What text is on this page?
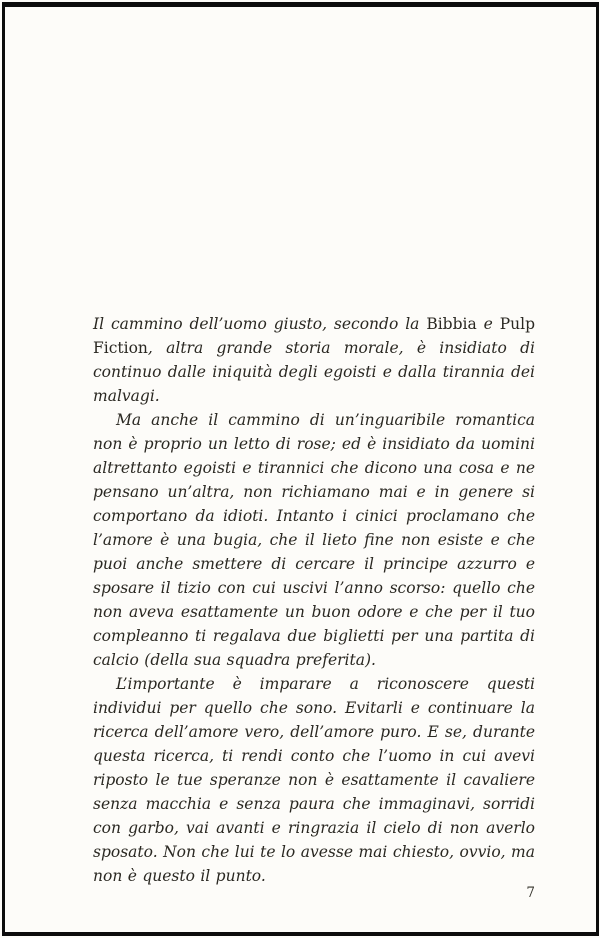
Il cammino dell’uomo giusto, secondo la Bibbia e Pulp Fiction, altra grande storia morale, è insidiato di continuo dalle iniquità degli egoisti e dalla tirannia dei malvagi.

Ma anche il cammino di un’inguaribile romantica non è proprio un letto di rose; ed è insidiato da uomini altrettanto egoisti e tirannici che dicono una cosa e ne pensano un’altra, non richiamano mai e in genere si comportano da idioti. Intanto i cinici proclamano che l’amore è una bugia, che il lieto fine non esiste e che puoi anche smettere di cercare il principe azzurro e sposare il tizio con cui uscivi l’anno scorso: quello che non aveva esattamente un buon odore e che per il tuo compleanno ti regalava due biglietti per una partita di calcio (della sua squadra preferita).

L’importante è imparare a riconoscere questi individui per quello che sono. Evitarli e continuare la ricerca dell’amore vero, dell’amore puro. E se, durante questa ricerca, ti rendi conto che l’uomo in cui avevi riposto le tue speranze non è esattamente il cavaliere senza macchia e senza paura che immaginavi, sorridi con garbo, vai avanti e ringrazia il cielo di non averlo sposato. Non che lui te lo avesse mai chiesto, ovvio, ma non è questo il punto.

7
